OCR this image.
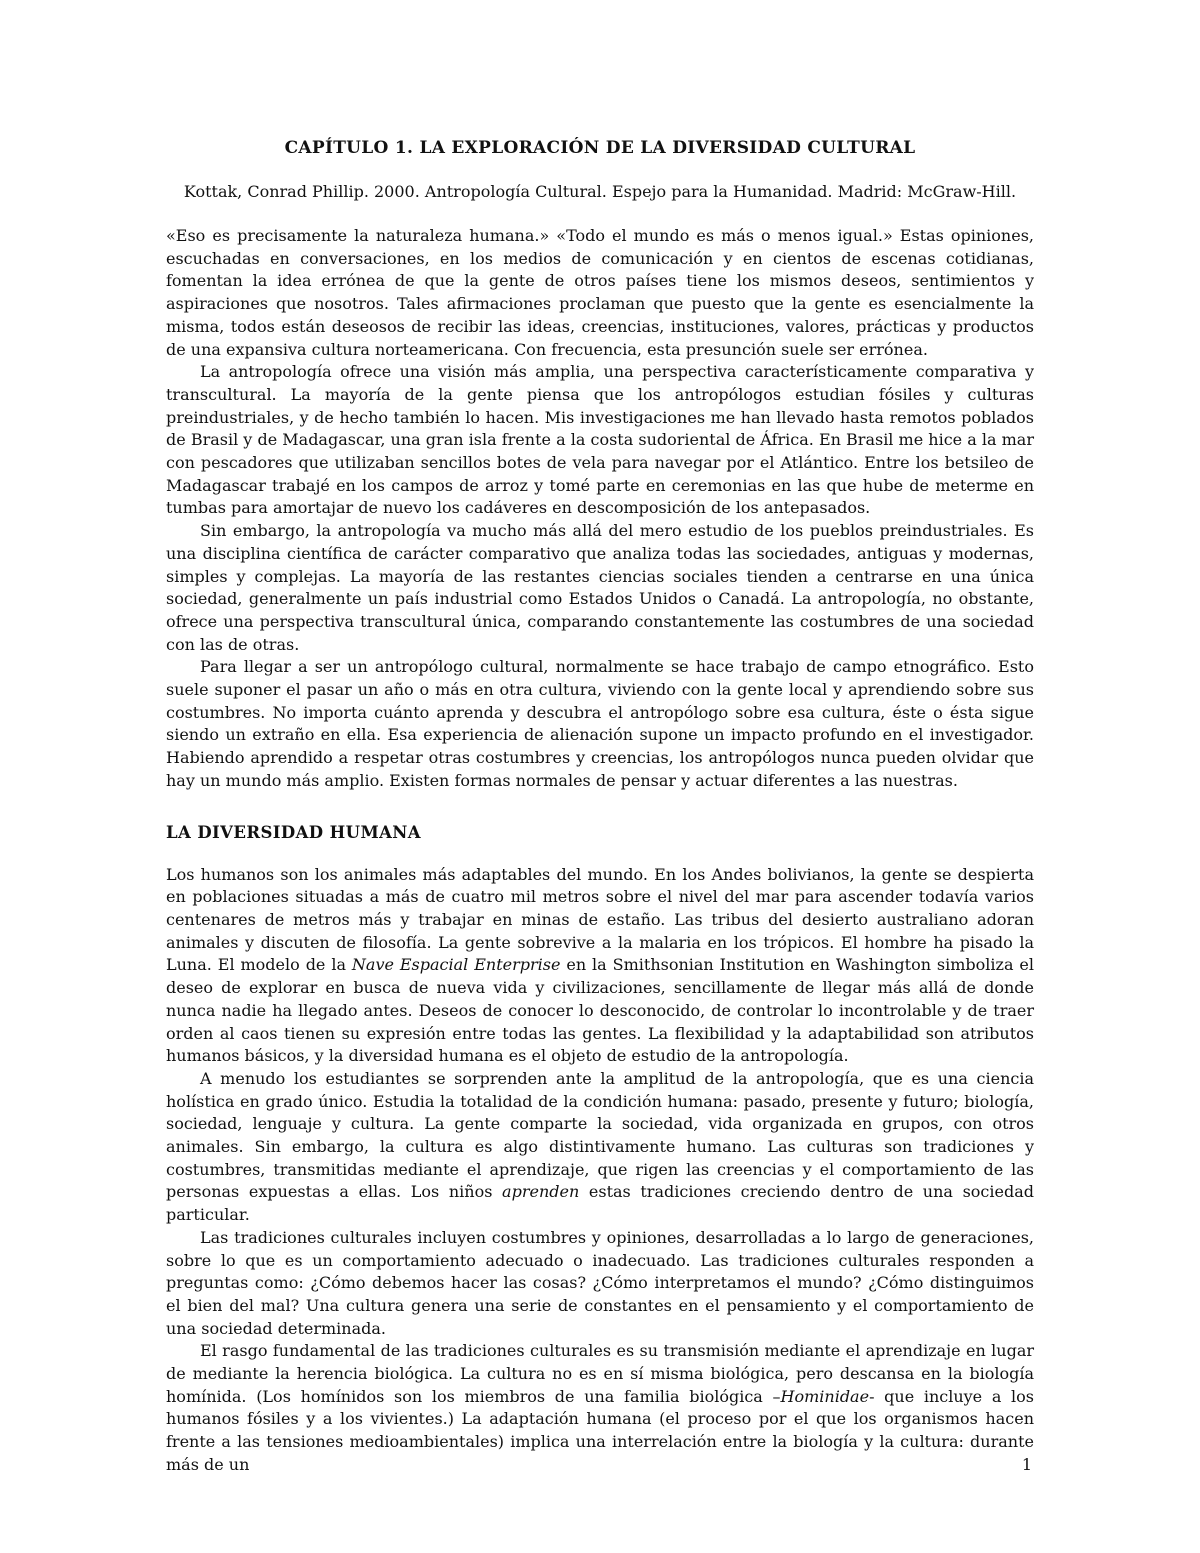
CAPÍTULO 1. LA EXPLORACIÓN DE LA DIVERSIDAD CULTURAL
Kottak, Conrad Phillip. 2000. Antropología Cultural. Espejo para la Humanidad. Madrid: McGraw-Hill.

«Eso es precisamente la naturaleza humana.» «Todo el mundo es más o menos igual.» Estas opiniones, escuchadas en conversaciones, en los medios de comunicación y en cientos de escenas cotidianas, fomentan la idea errónea de que la gente de otros países tiene los mismos deseos, sentimientos y aspiraciones que nosotros. Tales afirmaciones proclaman que puesto que la gente es esencialmente la misma, todos están deseosos de recibir las ideas, creencias, instituciones, valores, prácticas y productos de una expansiva cultura norteamericana. Con frecuencia, esta presunción suele ser errónea.

La antropología ofrece una visión más amplia, una perspectiva característicamente comparativa y transcultural. La mayoría de la gente piensa que los antropólogos estudian fósiles y culturas preindustriales, y de hecho también lo hacen. Mis investigaciones me han llevado hasta remotos poblados de Brasil y de Madagascar, una gran isla frente a la costa sudoriental de África. En Brasil me hice a la mar con pescadores que utilizaban sencillos botes de vela para navegar por el Atlántico. Entre los betsileo de Madagascar trabajé en los campos de arroz y tomé parte en ceremonias en las que hube de meterme en tumbas para amortajar de nuevo los cadáveres en descomposición de los antepasados.

Sin embargo, la antropología va mucho más allá del mero estudio de los pueblos preindustriales. Es una disciplina científica de carácter comparativo que analiza todas las sociedades, antiguas y modernas, simples y complejas. La mayoría de las restantes ciencias sociales tienden a centrarse en una única sociedad, generalmente un país industrial como Estados Unidos o Canadá. La antropología, no obstante, ofrece una perspectiva transcultural única, comparando constantemente las costumbres de una sociedad con las de otras.

Para llegar a ser un antropólogo cultural, normalmente se hace trabajo de campo etnográfico. Esto suele suponer el pasar un año o más en otra cultura, viviendo con la gente local y aprendiendo sobre sus costumbres. No importa cuánto aprenda y descubra el antropólogo sobre esa cultura, éste o ésta sigue siendo un extraño en ella. Esa experiencia de alienación supone un impacto profundo en el investigador. Habiendo aprendido a respetar otras costumbres y creencias, los antropólogos nunca pueden olvidar que hay un mundo más amplio. Existen formas normales de pensar y actuar diferentes a las nuestras.

LA DIVERSIDAD HUMANA

Los humanos son los animales más adaptables del mundo. En los Andes bolivianos, la gente se despierta en poblaciones situadas a más de cuatro mil metros sobre el nivel del mar para ascender todavía varios centenares de metros más y trabajar en minas de estaño. Las tribus del desierto australiano adoran animales y discuten de filosofía. La gente sobrevive a la malaria en los trópicos. El hombre ha pisado la Luna. El modelo de la Nave Espacial Enterprise en la Smithsonian Institution en Washington simboliza el deseo de explorar en busca de nueva vida y civilizaciones, sencillamente de llegar más allá de donde nunca nadie ha llegado antes. Deseos de conocer lo desconocido, de controlar lo incontrolable y de traer orden al caos tienen su expresión entre todas las gentes. La flexibilidad y la adaptabilidad son atributos humanos básicos, y la diversidad humana es el objeto de estudio de la antropología.

A menudo los estudiantes se sorprenden ante la amplitud de la antropología, que es una ciencia holística en grado único. Estudia la totalidad de la condición humana: pasado, presente y futuro; biología, sociedad, lenguaje y cultura. La gente comparte la sociedad, vida organizada en grupos, con otros animales. Sin embargo, la cultura es algo distintivamente humano. Las culturas son tradiciones y costumbres, transmitidas mediante el aprendizaje, que rigen las creencias y el comportamiento de las personas expuestas a ellas. Los niños aprenden estas tradiciones creciendo dentro de una sociedad particular.

Las tradiciones culturales incluyen costumbres y opiniones, desarrolladas a lo largo de generaciones, sobre lo que es un comportamiento adecuado o inadecuado. Las tradiciones culturales responden a preguntas como: ¿Cómo debemos hacer las cosas? ¿Cómo interpretamos el mundo? ¿Cómo distinguimos el bien del mal? Una cultura genera una serie de constantes en el pensamiento y el comportamiento de una sociedad determinada.

El rasgo fundamental de las tradiciones culturales es su transmisión mediante el aprendizaje en lugar de mediante la herencia biológica. La cultura no es en sí misma biológica, pero descansa en la biología homínida. (Los homínidos son los miembros de una familia biológica –Hominidae- que incluye a los humanos fósiles y a los vivientes.) La adaptación humana (el proceso por el que los organismos hacen frente a las tensiones medioambientales) implica una interrelación entre la biología y la cultura: durante más de un	1
